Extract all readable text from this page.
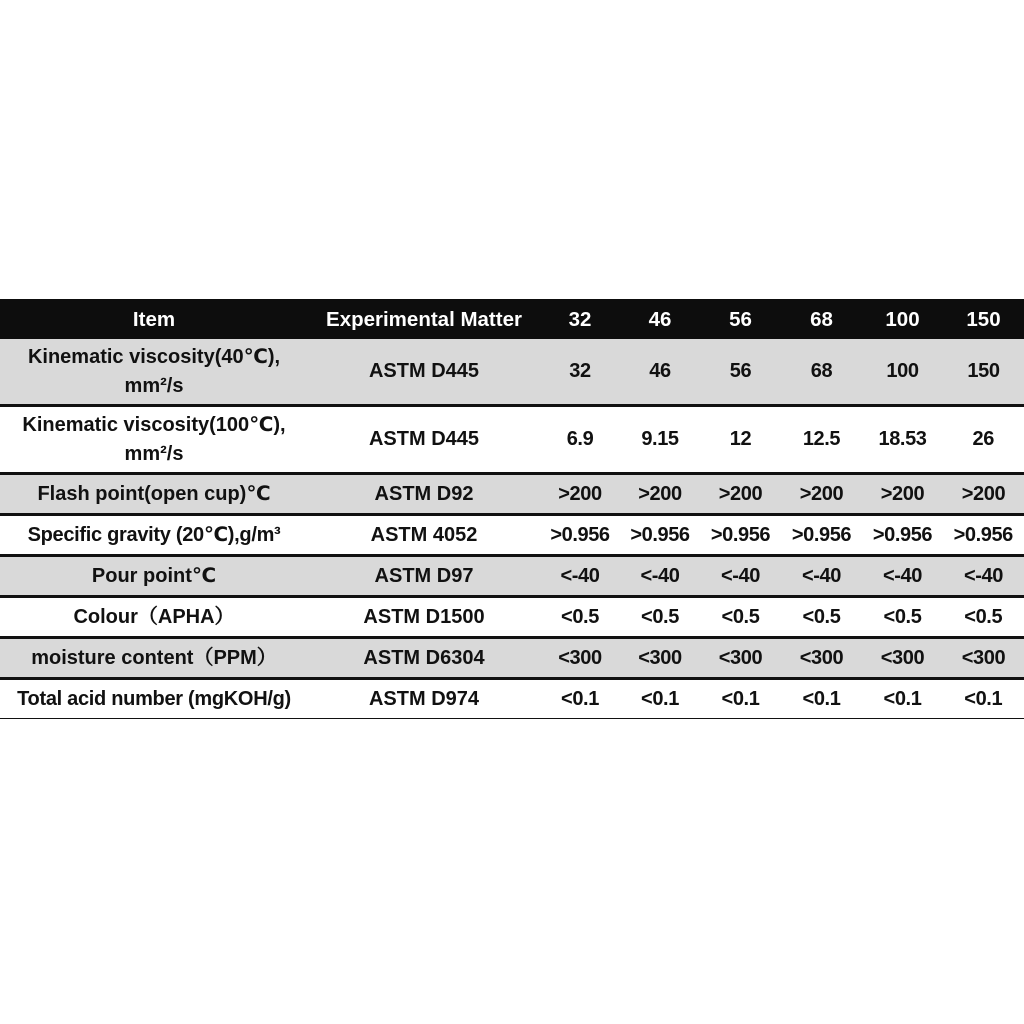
Item	Experimental Matter	32	46	56	68	100	150
Kinematic viscosity(40℃),
mm²/s	ASTM D445	32	46	56	68	100	150
Kinematic viscosity(100℃),
mm²/s	ASTM D445	6.9	9.15	12	12.5	18.53	26
Flash point(open cup)℃	ASTM D92	>200	>200	>200	>200	>200	>200
Specific gravity (20℃),g/m³	ASTM 4052	>0.956	>0.956	>0.956	>0.956	>0.956	>0.956
Pour point℃	ASTM D97	<-40	<-40	<-40	<-40	<-40	<-40
Colour（APHA）	ASTM D1500	<0.5	<0.5	<0.5	<0.5	<0.5	<0.5
moisture content（PPM）	ASTM D6304	<300	<300	<300	<300	<300	<300
Total acid number (mgKOH/g)	ASTM D974	<0.1	<0.1	<0.1	<0.1	<0.1	<0.1
